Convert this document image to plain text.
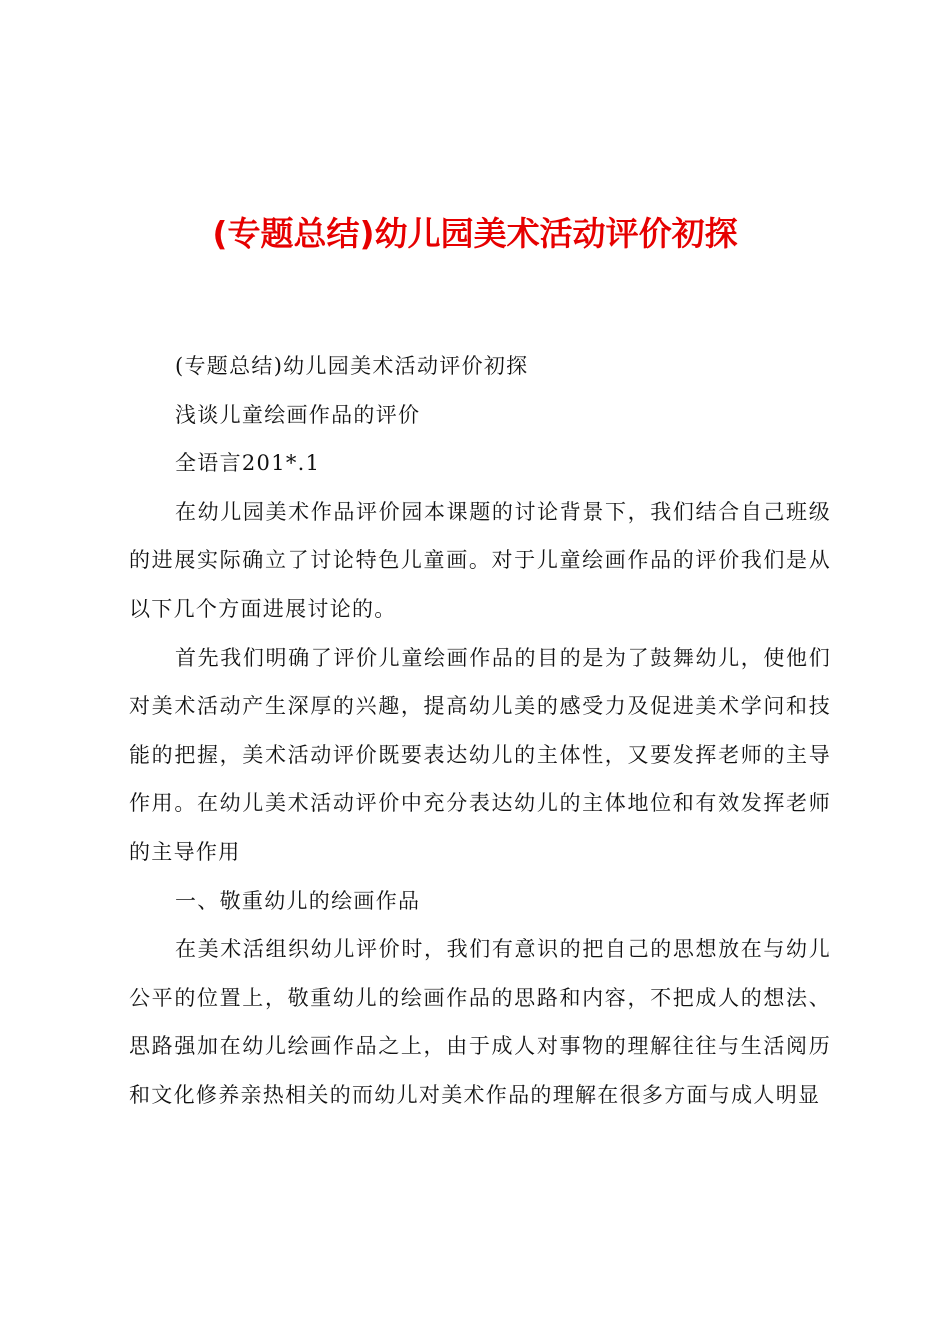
(专题总结)幼儿园美术活动评价初探

(专题总结)幼儿园美术活动评价初探

浅谈儿童绘画作品的评价

全语言201*.1

在幼儿园美术作品评价园本课题的讨论背景下，我们结合自己班级的进展实际确立了讨论特色儿童画。对于儿童绘画作品的评价我们是从以下几个方面进展讨论的。

首先我们明确了评价儿童绘画作品的目的是为了鼓舞幼儿，使他们对美术活动产生深厚的兴趣，提高幼儿美的感受力及促进美术学问和技能的把握，美术活动评价既要表达幼儿的主体性，又要发挥老师的主导作用。在幼儿美术活动评价中充分表达幼儿的主体地位和有效发挥老师的主导作用

一、敬重幼儿的绘画作品

在美术活组织幼儿评价时，我们有意识的把自己的思想放在与幼儿公平的位置上，敬重幼儿的绘画作品的思路和内容，不把成人的想法、思路强加在幼儿绘画作品之上，由于成人对事物的理解往往与生活阅历和文化修养亲热相关的而幼儿对美术作品的理解在很多方面与成人明显
